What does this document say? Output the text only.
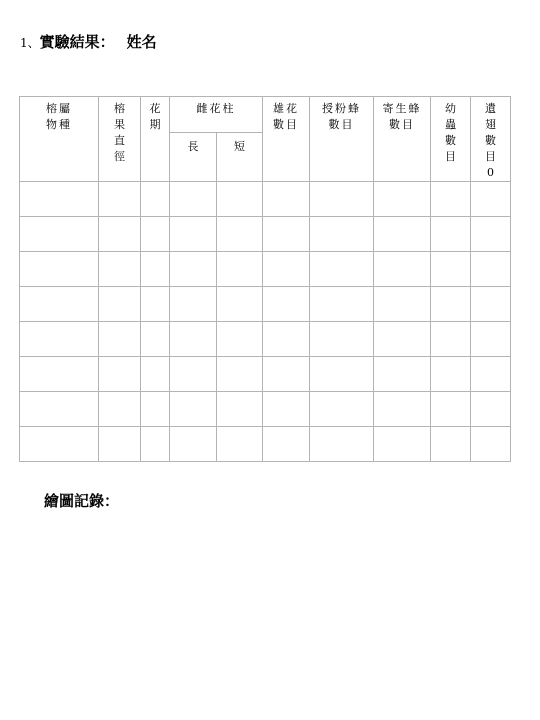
1、實驗結果： 姓名
榕屬物種	榕果直徑	花期	雌花柱		雄花數目	授粉蜂數目	寄生蜂數目	幼蟲數目	遺翅數目0
			長	短					

繪圖記錄：
